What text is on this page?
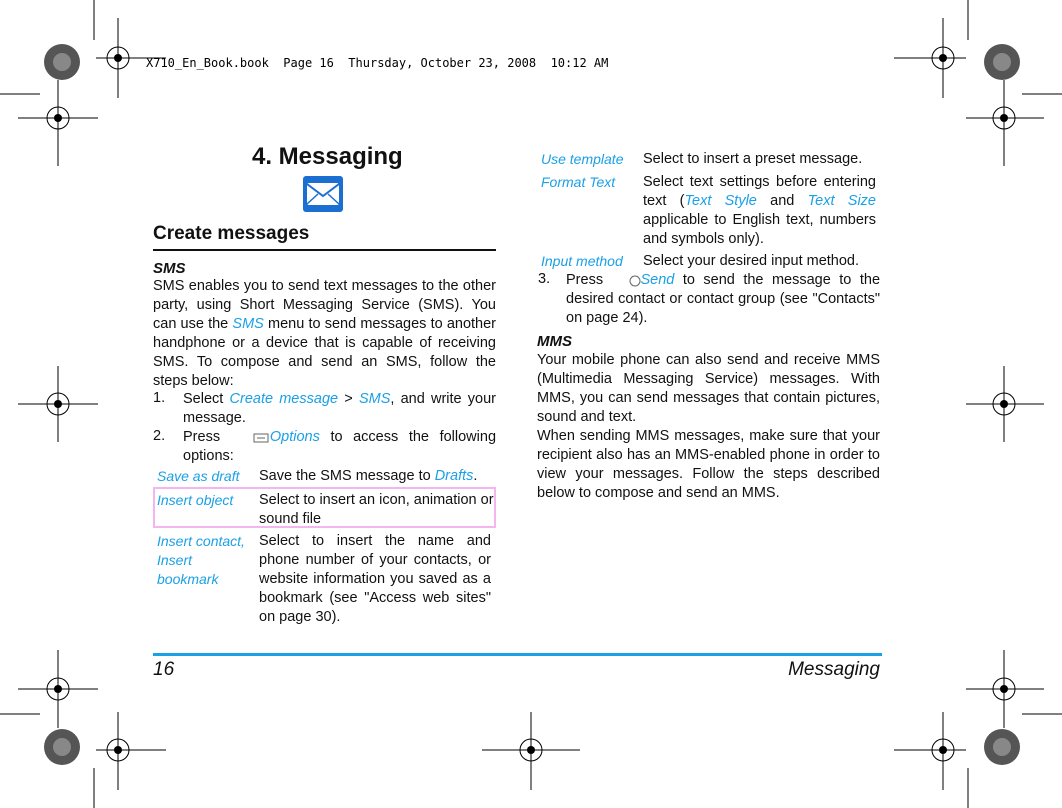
X710_En_Book.book  Page 16  Thursday, October 23, 2008  10:12 AM
4. Messaging
Create messages
SMS
SMS enables you to send text messages to the other party, using Short Messaging Service (SMS). You can use the SMS menu to send messages to another handphone or a device that is capable of receiving SMS. To compose and send an SMS, follow the steps below:
1. Select Create message > SMS, and write your message.
2. Press	Options to access the following options:
Save as draft Save the SMS message to Drafts.
Insert object Select to insert an icon, animation or sound file
Insert contact, Insert bookmark
Select to insert the name and phone number of your contacts, or website information you saved as a bookmark (see "Access web sites" on page 30).
Use template Select to insert a preset message.
Format Text Select text settings before entering text (Text Style and Text Size applicable to English text, numbers and symbols only).
Input method Select your desired input method.
3. Press	Send to send the message to the desired contact or contact group (see "Contacts" on page 24).
MMS
Your mobile phone can also send and receive MMS (Multimedia Messaging Service) messages. With MMS, you can send messages that contain pictures, sound and text.
When sending MMS messages, make sure that your recipient also has an MMS-enabled phone in order to view your messages. Follow the steps described below to compose and send an MMS.
16	Messaging
